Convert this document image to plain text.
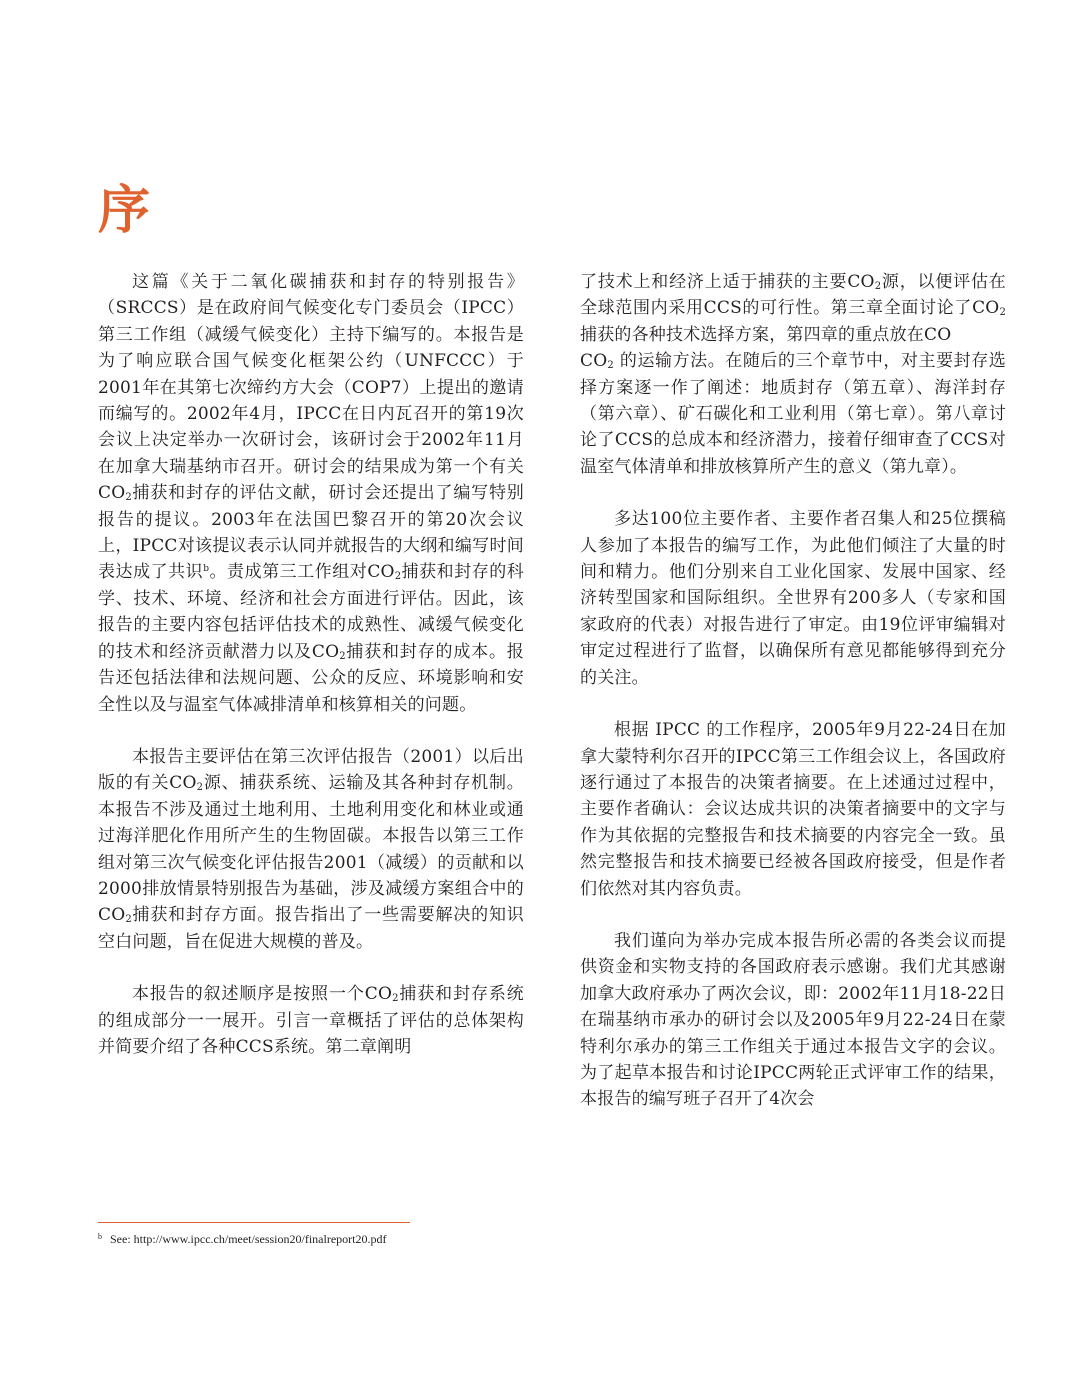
序

这篇《关于二氧化碳捕获和封存的特别报告》（SRCCS）是在政府间气候变化专门委员会（IPCC）第三工作组（减缓气候变化）主持下编写的。本报告是为了响应联合国气候变化框架公约（UNFCCC）于2001年在其第七次缔约方大会（COP7）上提出的邀请而编写的。2002年4月，IPCC在日内瓦召开的第19次会议上决定举办一次研讨会，该研讨会于2002年11月在加拿大瑞基纳市召开。研讨会的结果成为第一个有关$CO_2$捕获和封存的评估文献，研讨会还提出了编写特别报告的提议。2003年在法国巴黎召开的第20次会议上，IPCC对该提议表示认同并就报告的大纲和编写时间表达成了共识$^b$。责成第三工作组对$CO_2$捕获和封存的科学、技术、环境、经济和社会方面进行评估。因此，该报告的主要内容包括评估技术的成熟性、减缓气候变化的技术和经济贡献潜力以及$CO_2$捕获和封存的成本。报告还包括法律和法规问题、公众的反应、环境影响和安全性以及与温室气体减排清单和核算相关的问题。

本报告主要评估在第三次评估报告（2001）以后出版的有关$CO_2$源、捕获系统、运输及其各种封存机制。本报告不涉及通过土地利用、土地利用变化和林业或通过海洋肥化作用所产生的生物固碳。本报告以第三工作组对第三次气候变化评估报告2001（减缓）的贡献和以2000排放情景特别报告为基础，涉及减缓方案组合中的$CO_2$捕获和封存方面。报告指出了一些需要解决的知识空白问题，旨在促进大规模的普及。

本报告的叙述顺序是按照一个$CO_2$捕获和封存系统的组成部分一一展开。引言一章概括了评估的总体架构并简要介绍了各种CCS系统。第二章阐明

了技术上和经济上适于捕获的主要$CO_2$源，以便评估在全球范围内采用CCS的可行性。第三章全面讨论了$CO_2$捕获的各种技术选择方案，第四章的重点放在CO
$CO_2$ 的运输方法。在随后的三个章节中，对主要封存选择方案逐一作了阐述：地质封存（第五章）、海洋封存（第六章）、矿石碳化和工业利用（第七章）。第八章讨论了CCS的总成本和经济潜力，接着仔细审查了CCS对温室气体清单和排放核算所产生的意义（第九章）。

多达100位主要作者、主要作者召集人和25位撰稿人参加了本报告的编写工作，为此他们倾注了大量的时间和精力。他们分别来自工业化国家、发展中国家、经济转型国家和国际组织。全世界有200多人（专家和国家政府的代表）对报告进行了审定。由19位评审编辑对审定过程进行了监督，以确保所有意见都能够得到充分的关注。

根据 IPCC 的工作程序，2005年9月22-24日在加拿大蒙特利尔召开的IPCC第三工作组会议上，各国政府逐行通过了本报告的决策者摘要。在上述通过过程中，主要作者确认：会议达成共识的决策者摘要中的文字与作为其依据的完整报告和技术摘要的内容完全一致。虽然完整报告和技术摘要已经被各国政府接受，但是作者们依然对其内容负责。

我们谨向为举办完成本报告所必需的各类会议而提供资金和实物支持的各国政府表示感谢。我们尤其感谢加拿大政府承办了两次会议，即：2002年11月18-22日在瑞基纳市承办的研讨会以及2005年9月22-24日在蒙特利尔承办的第三工作组关于通过本报告文字的会议。为了起草本报告和讨论IPCC两轮正式评审工作的结果，本报告的编写班子召开了4次会

$^b$ See: http://www.ipcc.ch/meet/session20/finalreport20.pdf
